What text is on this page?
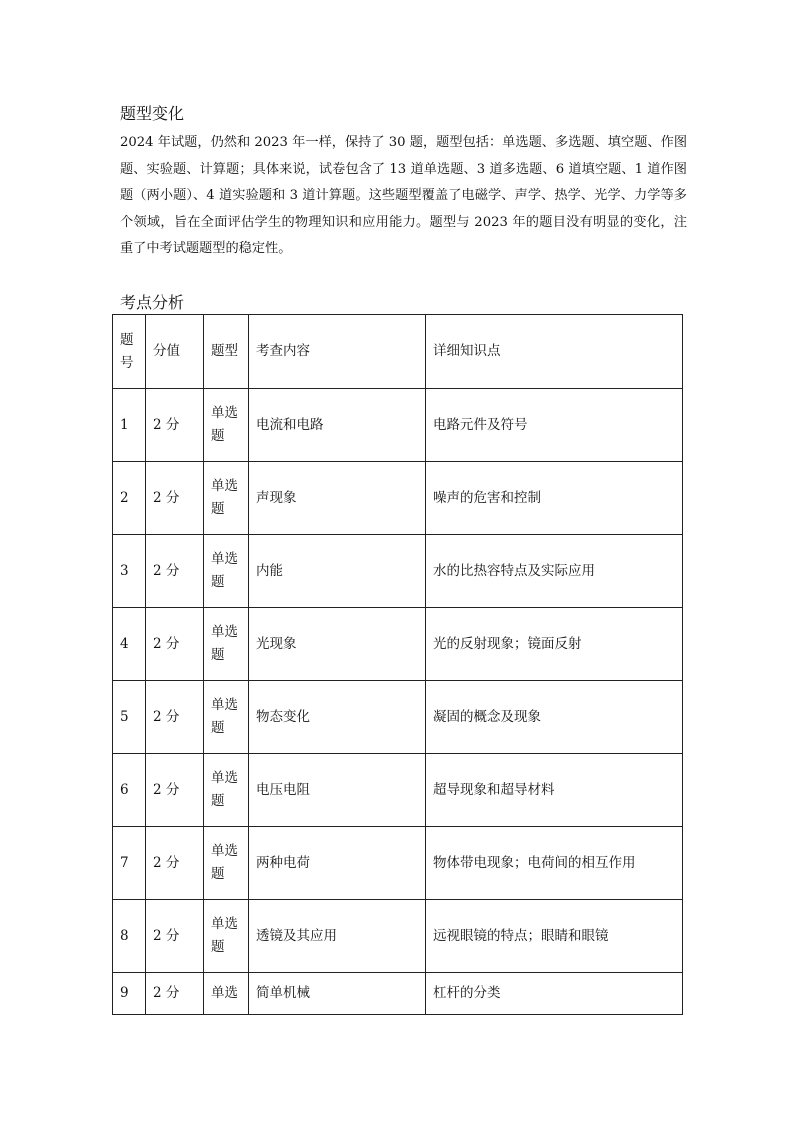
题型变化

2024 年试题，仍然和 2023 年一样，保持了 30 题，题型包括：单选题、多选题、填空题、作图题、实验题、计算题；具体来说，试卷包含了 13 道单选题、3 道多选题、6 道填空题、1 道作图题（两小题）、4 道实验题和 3 道计算题。这些题型覆盖了电磁学、声学、热学、光学、力学等多个领域，旨在全面评估学生的物理知识和应用能力。题型与 2023 年的题目没有明显的变化，注重了中考试题题型的稳定性。

考点分析
题号	分值	题型	考查内容	详细知识点
1	2 分	单选题	电流和电路	电路元件及符号
2	2 分	单选题	声现象	噪声的危害和控制
3	2 分	单选题	内能	水的比热容特点及实际应用
4	2 分	单选题	光现象	光的反射现象；镜面反射
5	2 分	单选题	物态变化	凝固的概念及现象
6	2 分	单选题	电压电阻	超导现象和超导材料
7	2 分	单选题	两种电荷	物体带电现象；电荷间的相互作用
8	2 分	单选题	透镜及其应用	远视眼镜的特点；眼睛和眼镜
9	2 分	单选	简单机械	杠杆的分类
